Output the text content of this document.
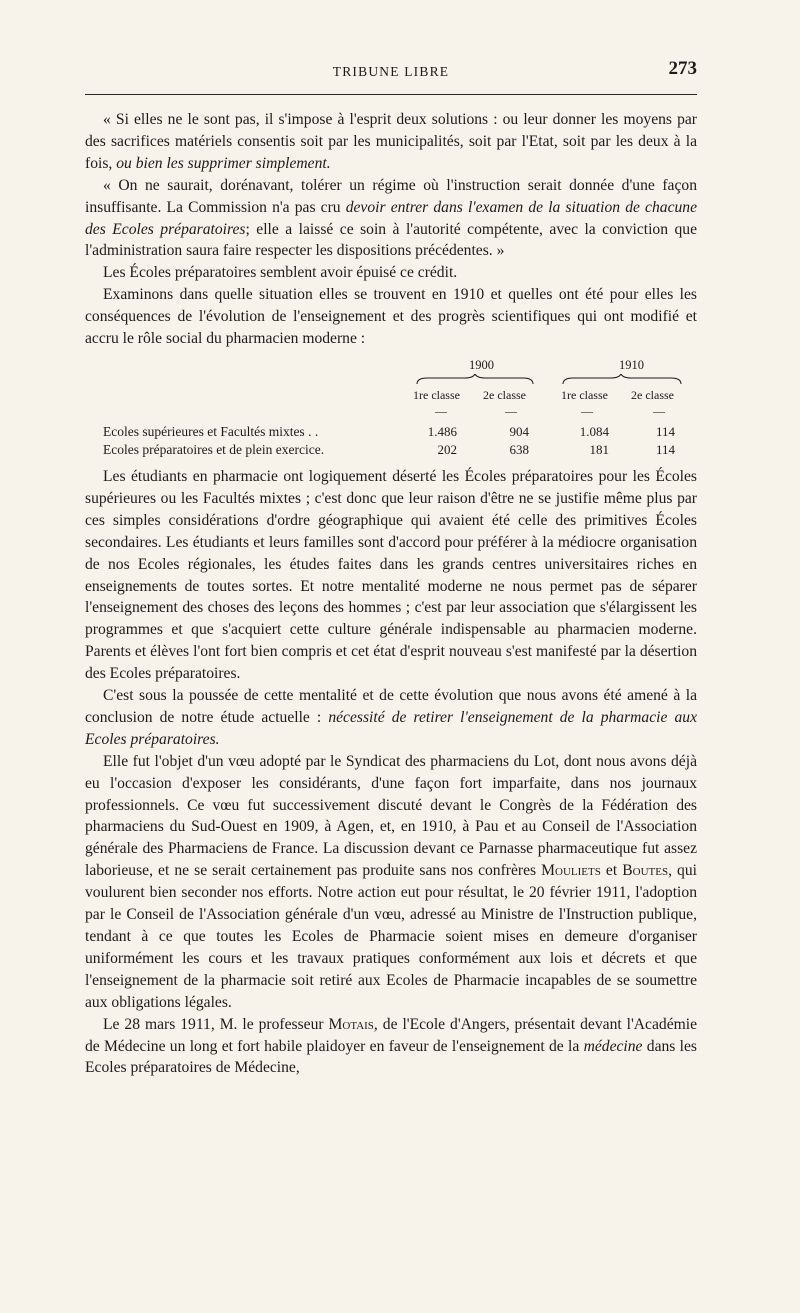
TRIBUNE LIBRE	273

« Si elles ne le sont pas, il s'impose à l'esprit deux solutions : ou leur donner les moyens par des sacrifices matériels consentis soit par les municipalités, soit par l'Etat, soit par les deux à la fois, ou bien les supprimer simplement.

« On ne saurait, dorénavant, tolérer un régime où l'instruction serait donnée d'une façon insuffisante. La Commission n'a pas cru devoir entrer dans l'examen de la situation de chacune des Ecoles préparatoires; elle a laissé ce soin à l'autorité compétente, avec la conviction que l'administration saura faire respecter les dispositions précédentes. »

Les Écoles préparatoires semblent avoir épuisé ce crédit.

Examinons dans quelle situation elles se trouvent en 1910 et quelles ont été pour elles les conséquences de l'évolution de l'enseignement et des progrès scientifiques qui ont modifié et accru le rôle social du pharmacien moderne :

1900	1910
1re classe 2e classe	1re classe 2e classe
—	—	—	—
Ecoles supérieures et Facultés mixtes . .	1.486	904	1.084	114
Ecoles préparatoires et de plein exercice.	202	638	181	114

Les étudiants en pharmacie ont logiquement déserté les Écoles préparatoires pour les Écoles supérieures ou les Facultés mixtes ; c'est donc que leur raison d'être ne se justifie même plus par ces simples considérations d'ordre géographique qui avaient été celle des primitives Écoles secondaires. Les étudiants et leurs familles sont d'accord pour préférer à la médiocre organisation de nos Ecoles régionales, les études faites dans les grands centres universitaires riches en enseignements de toutes sortes. Et notre mentalité moderne ne nous permet pas de séparer l'enseignement des choses des leçons des hommes ; c'est par leur association que s'élargissent les programmes et que s'acquiert cette culture générale indispensable au pharmacien moderne. Parents et élèves l'ont fort bien compris et cet état d'esprit nouveau s'est manifesté par la désertion des Ecoles préparatoires.

C'est sous la poussée de cette mentalité et de cette évolution que nous avons été amené à la conclusion de notre étude actuelle : nécessité de retirer l'enseignement de la pharmacie aux Ecoles préparatoires.

Elle fut l'objet d'un vœu adopté par le Syndicat des pharmaciens du Lot, dont nous avons déjà eu l'occasion d'exposer les considérants, d'une façon fort imparfaite, dans nos journaux professionnels. Ce vœu fut successivement discuté devant le Congrès de la Fédération des pharmaciens du Sud-Ouest en 1909, à Agen, et, en 1910, à Pau et au Conseil de l'Association générale des Pharmaciens de France. La discussion devant ce Parnasse pharmaceutique fut assez laborieuse, et ne se serait certainement pas produite sans nos confrères Mouliets et Boutes, qui voulurent bien seconder nos efforts. Notre action eut pour résultat, le 20 février 1911, l'adoption par le Conseil de l'Association générale d'un vœu, adressé au Ministre de l'Instruction publique, tendant à ce que toutes les Ecoles de Pharmacie soient mises en demeure d'organiser uniformément les cours et les travaux pratiques conformément aux lois et décrets et que l'enseignement de la pharmacie soit retiré aux Ecoles de Pharmacie incapables de se soumettre aux obligations légales.

Le 28 mars 1911, M. le professeur Motais, de l'Ecole d'Angers, présentait devant l'Académie de Médecine un long et fort habile plaidoyer en faveur de l'enseignement de la médecine dans les Ecoles préparatoires de Médecine,
